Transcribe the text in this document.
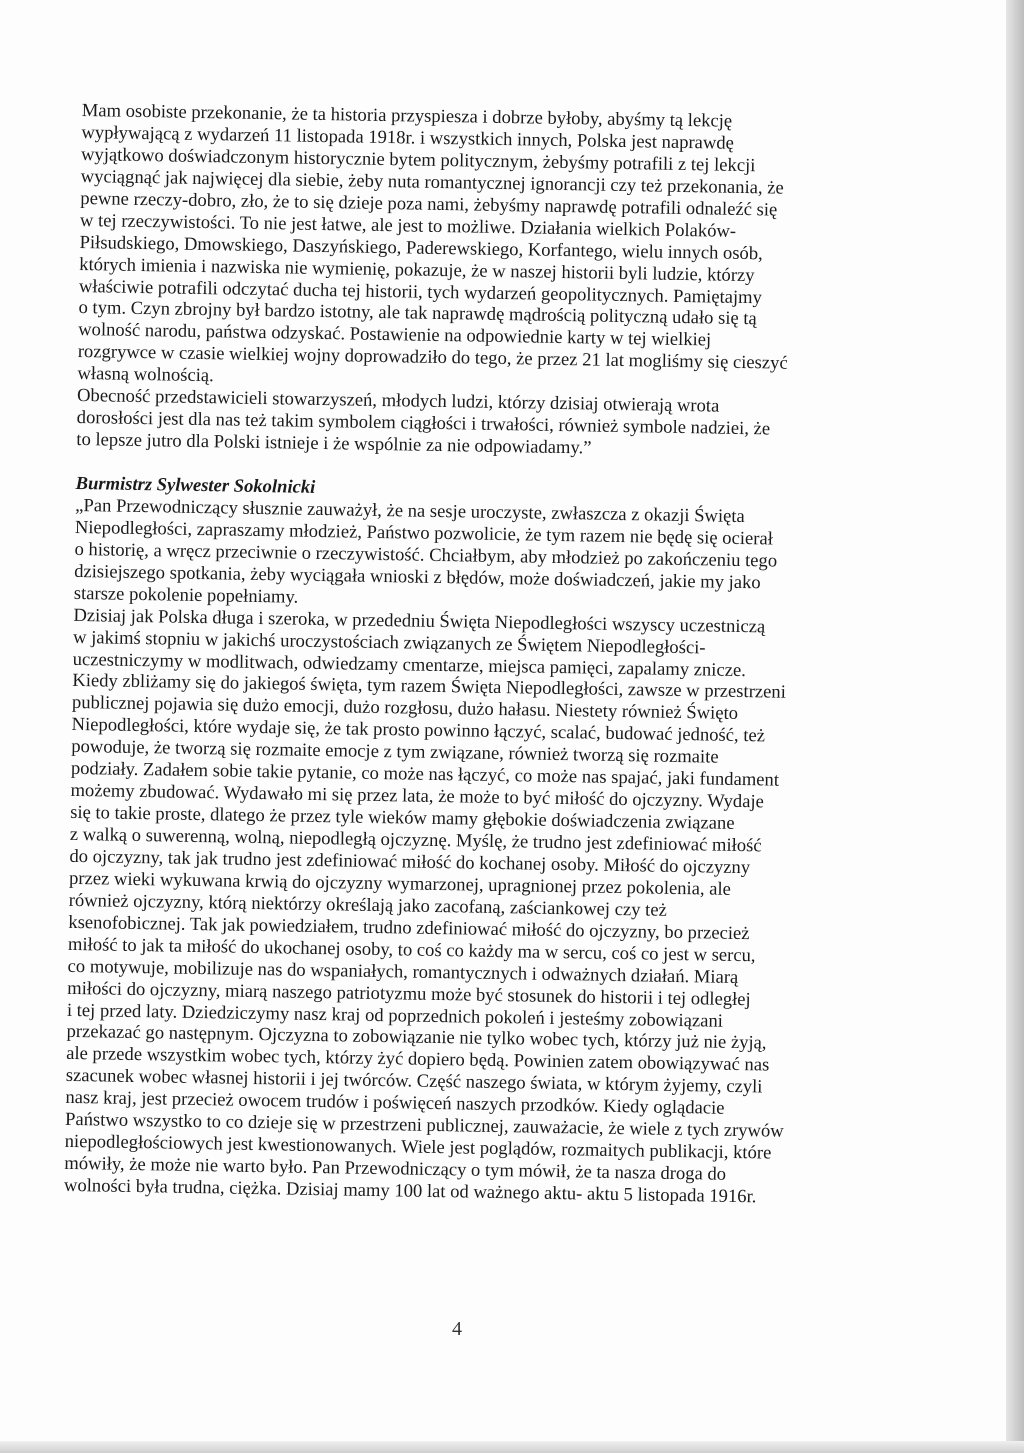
Mam osobiste przekonanie, że ta historia przyspiesza i dobrze byłoby, abyśmy tą lekcję
wypływającą z wydarzeń 11 listopada 1918r. i wszystkich innych, Polska jest naprawdę
wyjątkowo doświadczonym historycznie bytem politycznym, żebyśmy potrafili z tej lekcji
wyciągnąć jak najwięcej dla siebie, żeby nuta romantycznej ignorancji czy też przekonania, że
pewne rzeczy-dobro, zło, że to się dzieje poza nami, żebyśmy naprawdę potrafili odnaleźć się
w tej rzeczywistości. To nie jest łatwe, ale jest to możliwe. Działania wielkich Polaków-
Piłsudskiego, Dmowskiego, Daszyńskiego, Paderewskiego, Korfantego, wielu innych osób,
których imienia i nazwiska nie wymienię, pokazuje, że w naszej historii byli ludzie, którzy
właściwie potrafili odczytać ducha tej historii, tych wydarzeń geopolitycznych. Pamiętajmy
o tym. Czyn zbrojny był bardzo istotny, ale tak naprawdę mądrością polityczną udało się tą
wolność narodu, państwa odzyskać. Postawienie na odpowiednie karty w tej wielkiej
rozgrywce w czasie wielkiej wojny doprowadziło do tego, że przez 21 lat mogliśmy się cieszyć
własną wolnością.

Obecność przedstawicieli stowarzyszeń, młodych ludzi, którzy dzisiaj otwierają wrota
dorosłości jest dla nas też takim symbolem ciągłości i trwałości, również symbole nadziei, że
to lepsze jutro dla Polski istnieje i że wspólnie za nie odpowiadamy.”

Burmistrz Sylwester Sokolnicki

„Pan Przewodniczący słusznie zauważył, że na sesje uroczyste, zwłaszcza z okazji Święta
Niepodległości, zapraszamy młodzież, Państwo pozwolicie, że tym razem nie będę się ocierał
o historię, a wręcz przeciwnie o rzeczywistość. Chciałbym, aby młodzież po zakończeniu tego
dzisiejszego spotkania, żeby wyciągała wnioski z błędów, może doświadczeń, jakie my jako
starsze pokolenie popełniamy.

Dzisiaj jak Polska długa i szeroka, w przededniu Święta Niepodległości wszyscy uczestniczą
w jakimś stopniu w jakichś uroczystościach związanych ze Świętem Niepodległości-
uczestniczymy w modlitwach, odwiedzamy cmentarze, miejsca pamięci, zapalamy znicze.
Kiedy zbliżamy się do jakiegoś święta, tym razem Święta Niepodległości, zawsze w przestrzeni
publicznej pojawia się dużo emocji, dużo rozgłosu, dużo hałasu. Niestety również Święto
Niepodległości, które wydaje się, że tak prosto powinno łączyć, scalać, budować jedność, też
powoduje, że tworzą się rozmaite emocje z tym związane, również tworzą się rozmaite
podziały. Zadałem sobie takie pytanie, co może nas łączyć, co może nas spajać, jaki fundament
możemy zbudować. Wydawało mi się przez lata, że może to być miłość do ojczyzny. Wydaje
się to takie proste, dlatego że przez tyle wieków mamy głębokie doświadczenia związane
z walką o suwerenną, wolną, niepodległą ojczyznę. Myślę, że trudno jest zdefiniować miłość
do ojczyzny, tak jak trudno jest zdefiniować miłość do kochanej osoby. Miłość do ojczyzny
przez wieki wykuwana krwią do ojczyzny wymarzonej, upragnionej przez pokolenia, ale
również ojczyzny, którą niektórzy określają jako zacofaną, zaściankowej czy też
ksenofobicznej. Tak jak powiedziałem, trudno zdefiniować miłość do ojczyzny, bo przecież
miłość to jak ta miłość do ukochanej osoby, to coś co każdy ma w sercu, coś co jest w sercu,
co motywuje, mobilizuje nas do wspaniałych, romantycznych i odważnych działań. Miarą
miłości do ojczyzny, miarą naszego patriotyzmu może być stosunek do historii i tej odległej
i tej przed laty. Dziedziczymy nasz kraj od poprzednich pokoleń i jesteśmy zobowiązani
przekazać go następnym. Ojczyzna to zobowiązanie nie tylko wobec tych, którzy już nie żyją,
ale przede wszystkim wobec tych, którzy żyć dopiero będą. Powinien zatem obowiązywać nas
szacunek wobec własnej historii i jej twórców. Część naszego świata, w którym żyjemy, czyli
nasz kraj, jest przecież owocem trudów i poświęceń naszych przodków. Kiedy oglądacie
Państwo wszystko to co dzieje się w przestrzeni publicznej, zauważacie, że wiele z tych zrywów
niepodległościowych jest kwestionowanych. Wiele jest poglądów, rozmaitych publikacji, które
mówiły, że może nie warto było. Pan Przewodniczący o tym mówił, że ta nasza droga do
wolności była trudna, ciężka. Dzisiaj mamy 100 lat od ważnego aktu- aktu 5 listopada 1916r.

4
